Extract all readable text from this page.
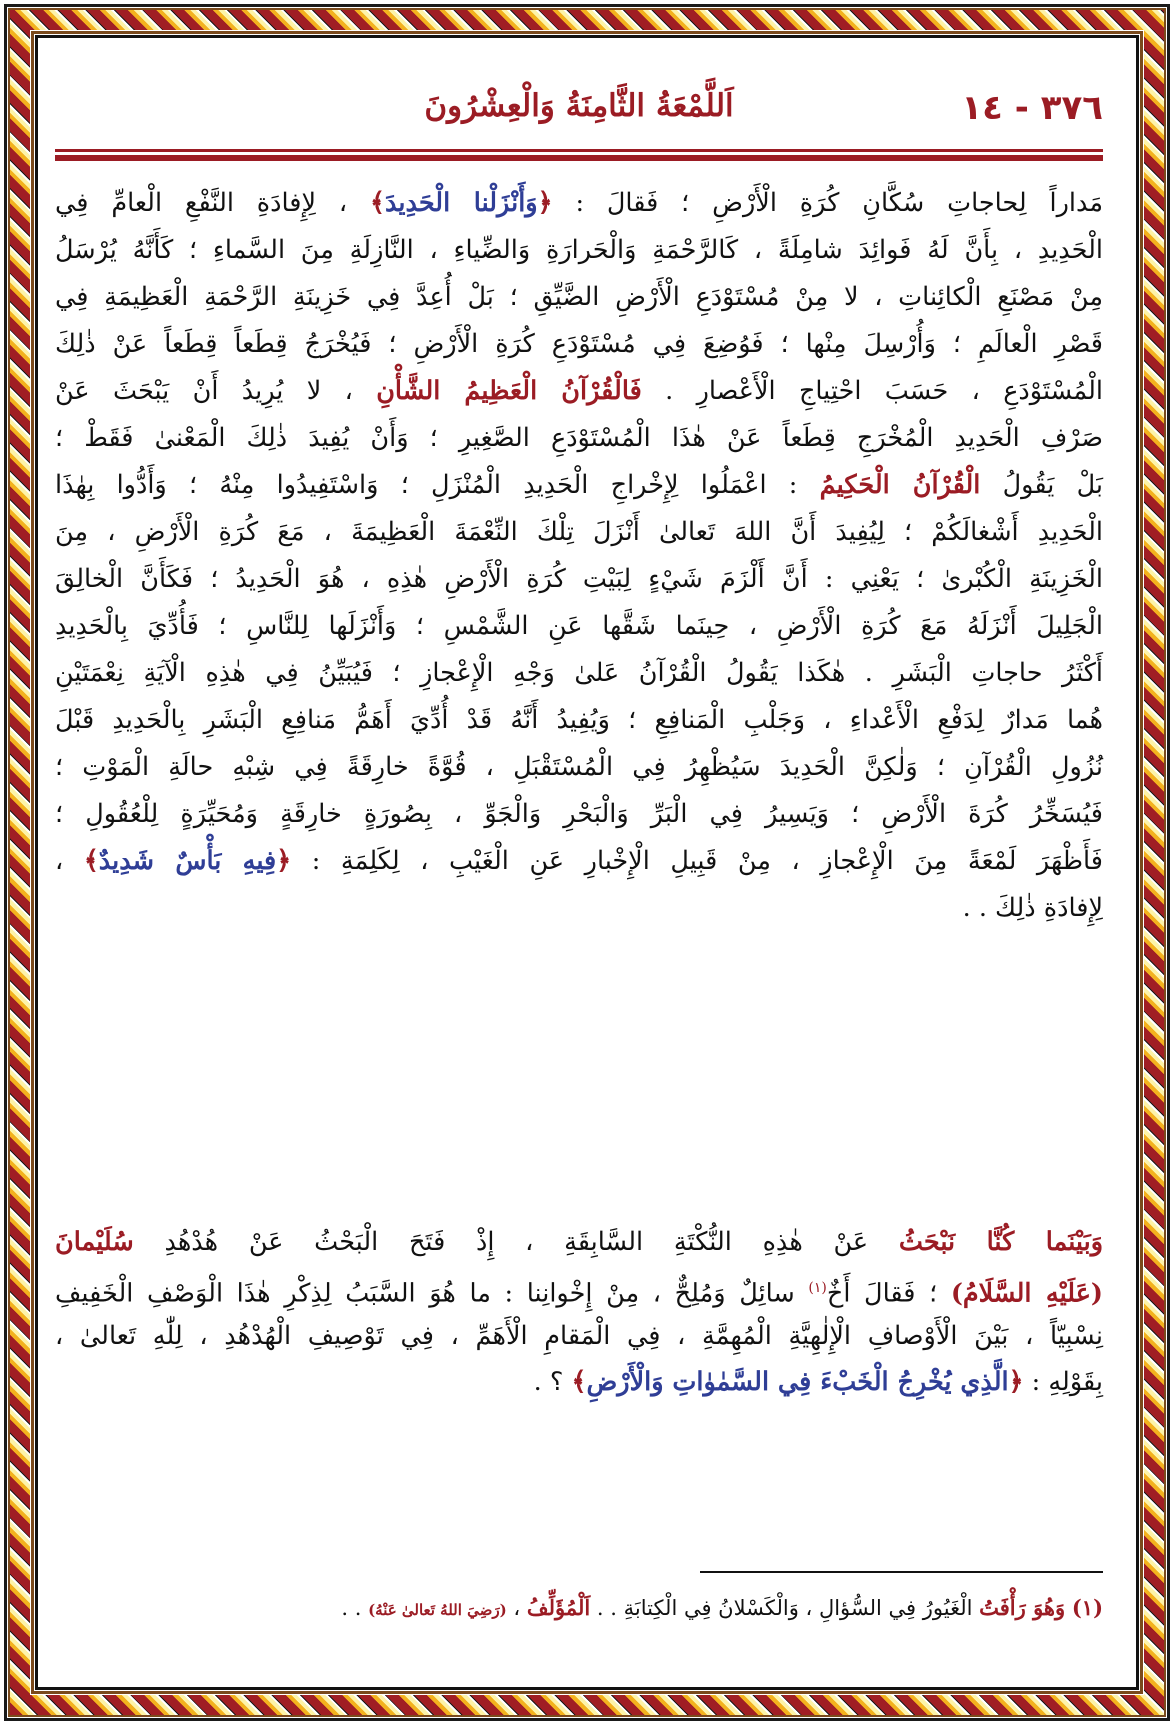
٣٧٦ - ١٤
اَللَّمْعَةُ الثَّامِنَةُ وَالْعِشْرُونَ
مَداراً لِحاجاتِ سُكَّانِ كُرَةِ الْأَرْضِ ؛ فَقالَ : ﴿وَأَنْزَلْنا الْحَدِيدَ﴾ ، لِإِفادَةِ النَّفْعِ الْعامِّ فِي
الْحَدِيدِ ، بِأَنَّ لَهُ فَوائِدَ شامِلَةً ، كَالرَّحْمَةِ وَالْحَرارَةِ وَالضِّياءِ ، النَّازِلَةِ مِنَ السَّماءِ ؛ كَأَنَّهُ يُرْسَلُ
مِنْ مَصْنَعِ الْكائِناتِ ، لا مِنْ مُسْتَوْدَعِ الْأَرْضِ الضَّيِّقِ ؛ بَلْ أُعِدَّ فِي خَزِينَةِ الرَّحْمَةِ الْعَظِيمَةِ فِي
قَصْرِ الْعالَمِ ؛ وَأُرْسِلَ مِنْها ؛ فَوُضِعَ فِي مُسْتَوْدَعِ كُرَةِ الْأَرْضِ ؛ فَيُخْرَجُ قِطَعاً قِطَعاً عَنْ ذٰلِكَ
الْمُسْتَوْدَعِ ، حَسَبَ احْتِياجِ الْأَعْصارِ . فَالْقُرْآنُ الْعَظِيمُ الشَّأْنِ ، لا يُرِيدُ أَنْ يَبْحَثَ عَنْ
صَرْفِ الْحَدِيدِ الْمُخْرَجِ قِطَعاً عَنْ هٰذَا الْمُسْتَوْدَعِ الصَّغِيرِ ؛ وَأَنْ يُفِيدَ ذٰلِكَ الْمَعْنىٰ فَقَطْ ؛
بَلْ يَقُولُ الْقُرْآنُ الْحَكِيمُ : اعْمَلُوا لِإِخْراجِ الْحَدِيدِ الْمُنْزَلِ ؛ وَاسْتَفِيدُوا مِنْهُ ؛ وَأَدُّوا بِهٰذَا
الْحَدِيدِ أَشْغالَكُمْ ؛ لِيُفِيدَ أَنَّ اللهَ تَعالىٰ أَنْزَلَ تِلْكَ النِّعْمَةَ الْعَظِيمَةَ ، مَعَ كُرَةِ الْأَرْضِ ، مِنَ
الْخَزِينَةِ الْكُبْرىٰ ؛ يَعْنِي : أَنَّ أَلْزَمَ شَيْءٍ لِبَيْتِ كُرَةِ الْأَرْضِ هٰذِهِ ، هُوَ الْحَدِيدُ ؛ فَكَأَنَّ الْخالِقَ
الْجَلِيلَ أَنْزَلَهُ مَعَ كُرَةِ الْأَرْضِ ، حِينَما شَقَّها عَنِ الشَّمْسِ ؛ وَأَنْزَلَها لِلنَّاسِ ؛ فَأُدِّيَ بِالْحَدِيدِ
أَكْثَرُ حاجاتِ الْبَشَرِ . هٰكَذا يَقُولُ الْقُرْآنُ عَلىٰ وَجْهِ الْإِعْجازِ ؛ فَيُبَيِّنُ فِي هٰذِهِ الْآيَةِ نِعْمَتَيْنِ
هُما مَدارٌ لِدَفْعِ الْأَعْداءِ ، وَجَلْبِ الْمَنافِعِ ؛ وَيُفِيدُ أَنَّهُ قَدْ أُدِّيَ أَهَمُّ مَنافِعِ الْبَشَرِ بِالْحَدِيدِ قَبْلَ
نُزُولِ الْقُرْآنِ ؛ وَلٰكِنَّ الْحَدِيدَ سَيُظْهِرُ فِي الْمُسْتَقْبَلِ ، قُوَّةً خارِقَةً فِي شِبْهِ حالَةِ الْمَوْتِ ؛
فَيُسَخِّرُ كُرَةَ الْأَرْضِ ؛ وَيَسِيرُ فِي الْبَرِّ وَالْبَحْرِ وَالْجَوِّ ، بِصُورَةٍ خارِقَةٍ وَمُحَيِّرَةٍ لِلْعُقُولِ ؛
فَأَظْهَرَ لَمْعَةً مِنَ الْإِعْجازِ ، مِنْ قَبِيلِ الْإِخْبارِ عَنِ الْغَيْبِ ، لِكَلِمَةِ : ﴿فِيهِ بَأْسٌ شَدِيدٌ﴾ ،
لِإِفادَةِ ذٰلِكَ . .
وَبَيْنَما كُنَّا نَبْحَثُ عَنْ هٰذِهِ النُّكْتَةِ السَّابِقَةِ ، إِذْ فَتَحَ الْبَحْثُ عَنْ هُدْهُدِ سُلَيْمانَ
(عَلَيْهِ السَّلَامُ) ؛ فَقالَ أَخٌ$^{(١)}$ سائِلٌ وَمُلِحٌّ ، مِنْ إِخْوانِنا : ما هُوَ السَّبَبُ لِذِكْرِ هٰذَا الْوَصْفِ الْخَفِيفِ
نِسْبِيّاً ، بَيْنَ الْأَوْصافِ الْإِلٰهِيَّةِ الْمُهِمَّةِ ، فِي الْمَقامِ الْأَهَمِّ ، فِي تَوْصِيفِ الْهُدْهُدِ ، لِلّٰهِ تَعالىٰ ،
بِقَوْلِهِ : ﴿الَّذِي يُخْرِجُ الْخَبْءَ فِي السَّمٰوٰاتِ وَالْأَرْضِ﴾ ؟ .
(١) وَهُوَ رَأْفَتُ الْغَيُورُ فِي السُّؤالِ ، وَالْكَسْلانُ فِي الْكِتابَةِ . . اَلْمُؤَلِّفُ ، (رَضِيَ اللهُ تَعالىٰ عَنْهُ) . .
